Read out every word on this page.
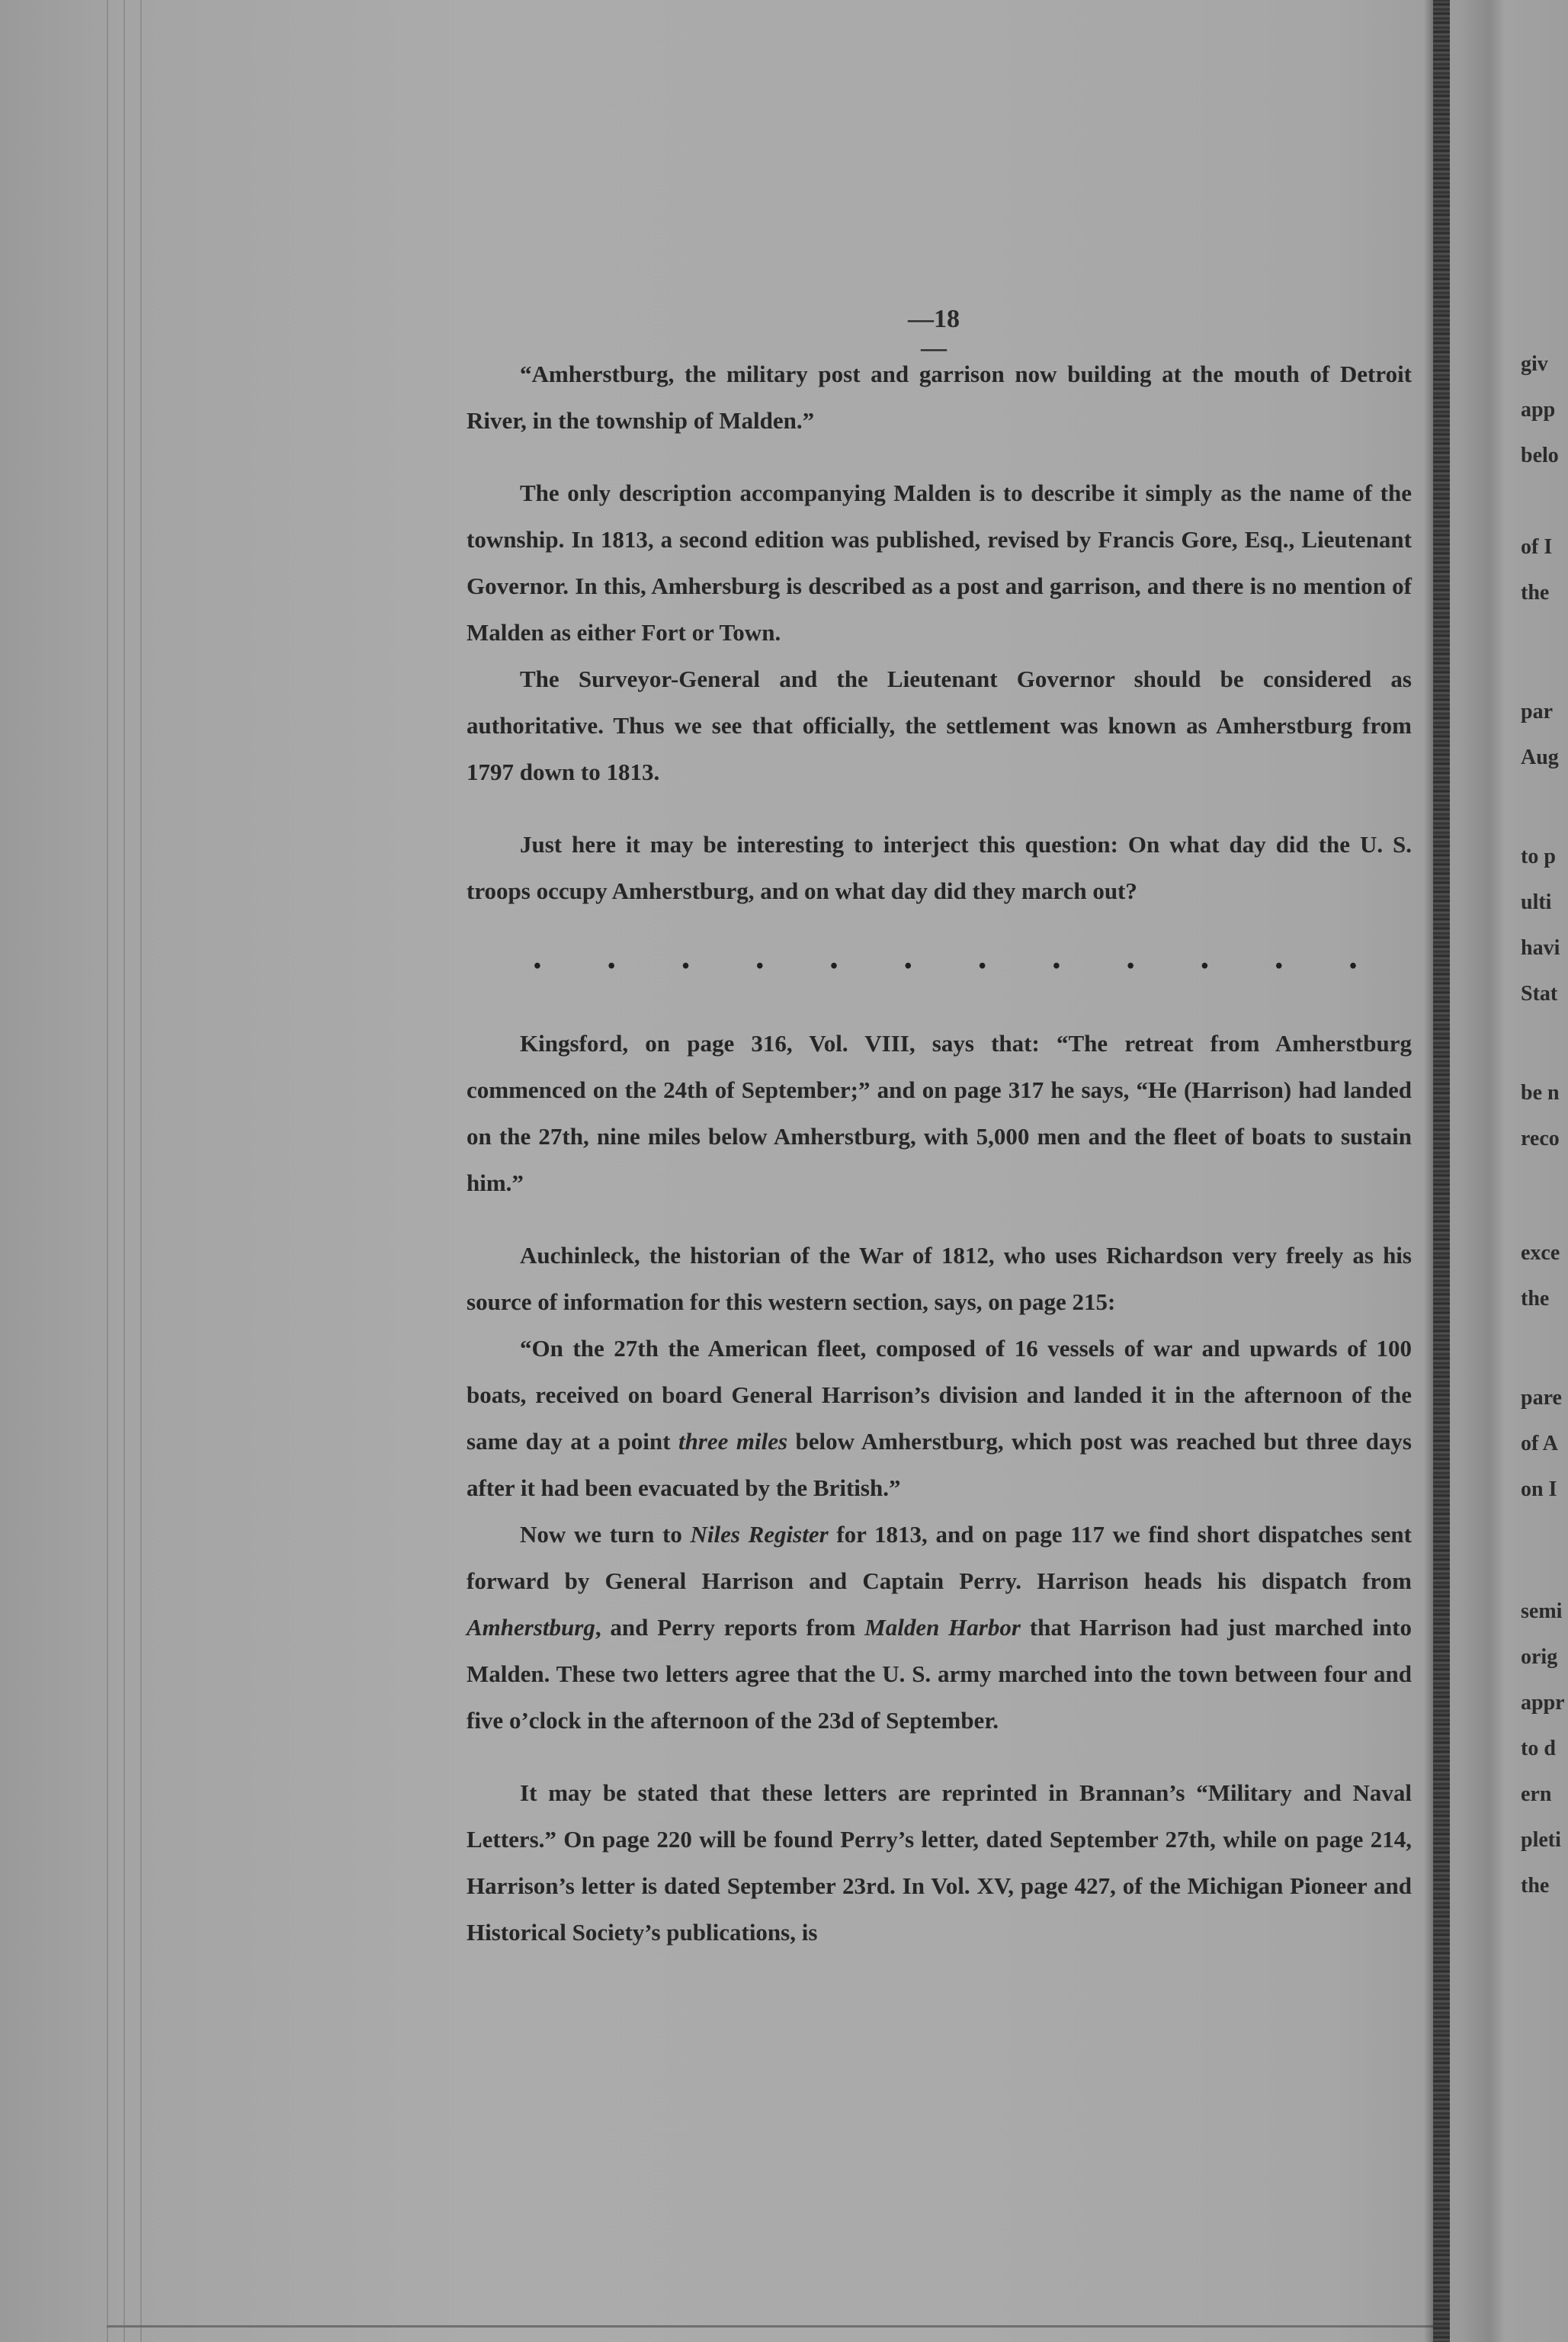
—18—

“Amherstburg, the military post and garrison now building at the mouth of Detroit River, in the township of Malden.”

The only description accompanying Malden is to describe it simply as the name of the township. In 1813, a second edition was published, revised by Francis Gore, Esq., Lieutenant Governor. In this, Amhersburg is described as a post and garrison, and there is no mention of Malden as either Fort or Town.

The Surveyor-General and the Lieutenant Governor should be considered as authoritative. Thus we see that officially, the settlement was known as Amherstburg from 1797 down to 1813.

Just here it may be interesting to interject this question: On what day did the U. S. troops occupy Amherstburg, and on what day did they march out?

•	•	•	•	•	•	•	•	•	•	•	•

Kingsford, on page 316, Vol. VIII, says that: “The retreat from Amherstburg commenced on the 24th of September;” and on page 317 he says, “He (Harrison) had landed on the 27th, nine miles below Amherstburg, with 5,000 men and the fleet of boats to sustain him.”

Auchinleck, the historian of the War of 1812, who uses Richardson very freely as his source of information for this western section, says, on page 215:

“On the 27th the American fleet, composed of 16 vessels of war and upwards of 100 boats, received on board General Harrison’s division and landed it in the afternoon of the same day at a point three miles below Amherstburg, which post was reached but three days after it had been evacuated by the British.”

Now we turn to Niles Register for 1813, and on page 117 we find short dispatches sent forward by General Harrison and Captain Perry. Harrison heads his dispatch from Amherstburg, and Perry reports from Malden Harbor that Harrison had just marched into Malden. These two letters agree that the U. S. army marched into the town between four and five o’clock in the afternoon of the 23d of September.

It may be stated that these letters are reprinted in Brannan’s “Military and Naval Letters.” On page 220 will be found Perry’s letter, dated September 27th, while on page 214, Harrison’s letter is dated September 23rd. In Vol. XV, page 427, of the Michigan Pioneer and Historical Society’s publications, is

giv
app
belo
of I
the
par
Aug
to p
ulti
havi
Stat
be n
reco
exce
the
pare
of A
on I
semi
orig
appr
to d
ern
pleti
the
